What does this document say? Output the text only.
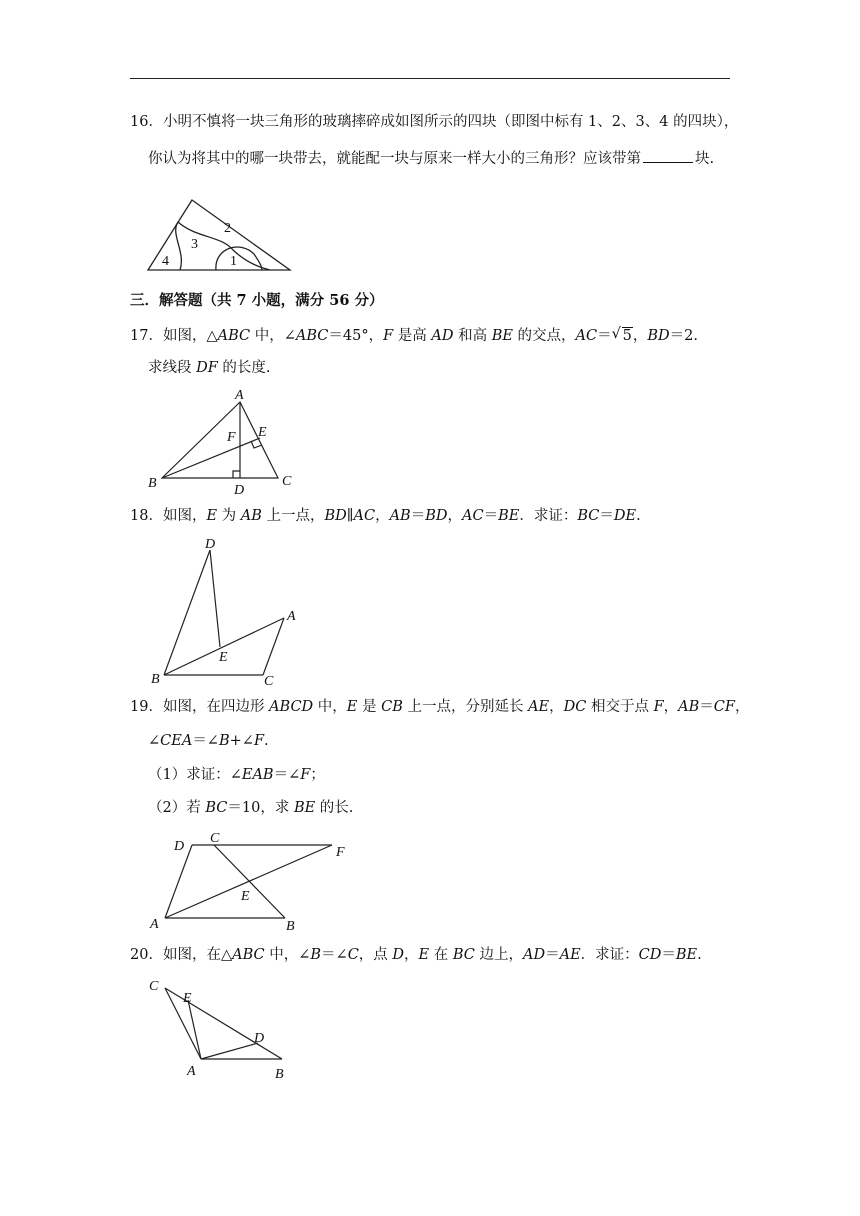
16．小明不慎将一块三角形的玻璃摔碎成如图所示的四块（即图中标有 1、2、3、4 的四块），
你认为将其中的哪一块带去，就能配一块与原来一样大小的三角形？应该带第	块.
2
3
1
4
三．解答题（共 7 小题，满分 56 分）
17．如图，△ABC 中，∠ABC＝45°，F 是高 AD 和高 BE 的交点，AC＝ √ 5，BD＝2.
求线段 DF 的长度.
A
B	C
D
E
F
18．如图，E 为 AB 上一点，BD∥AC，AB＝BD，AC＝BE．求证：BC＝DE.
D
A
E
B	C
19．如图，在四边形 ABCD 中，E 是 CB 上一点，分别延长 AE，DC 相交于点 F，AB＝CF，
∠CEA＝∠B+∠F.
（1）求证：∠EAB＝∠F；
（2）若 BC＝10，求 BE 的长.
D
C
F
E
A	B
20．如图，在△ABC 中，∠B＝∠C，点 D，E 在 BC 边上，AD＝AE．求证：CD＝BE.
C
E
D
A	B
